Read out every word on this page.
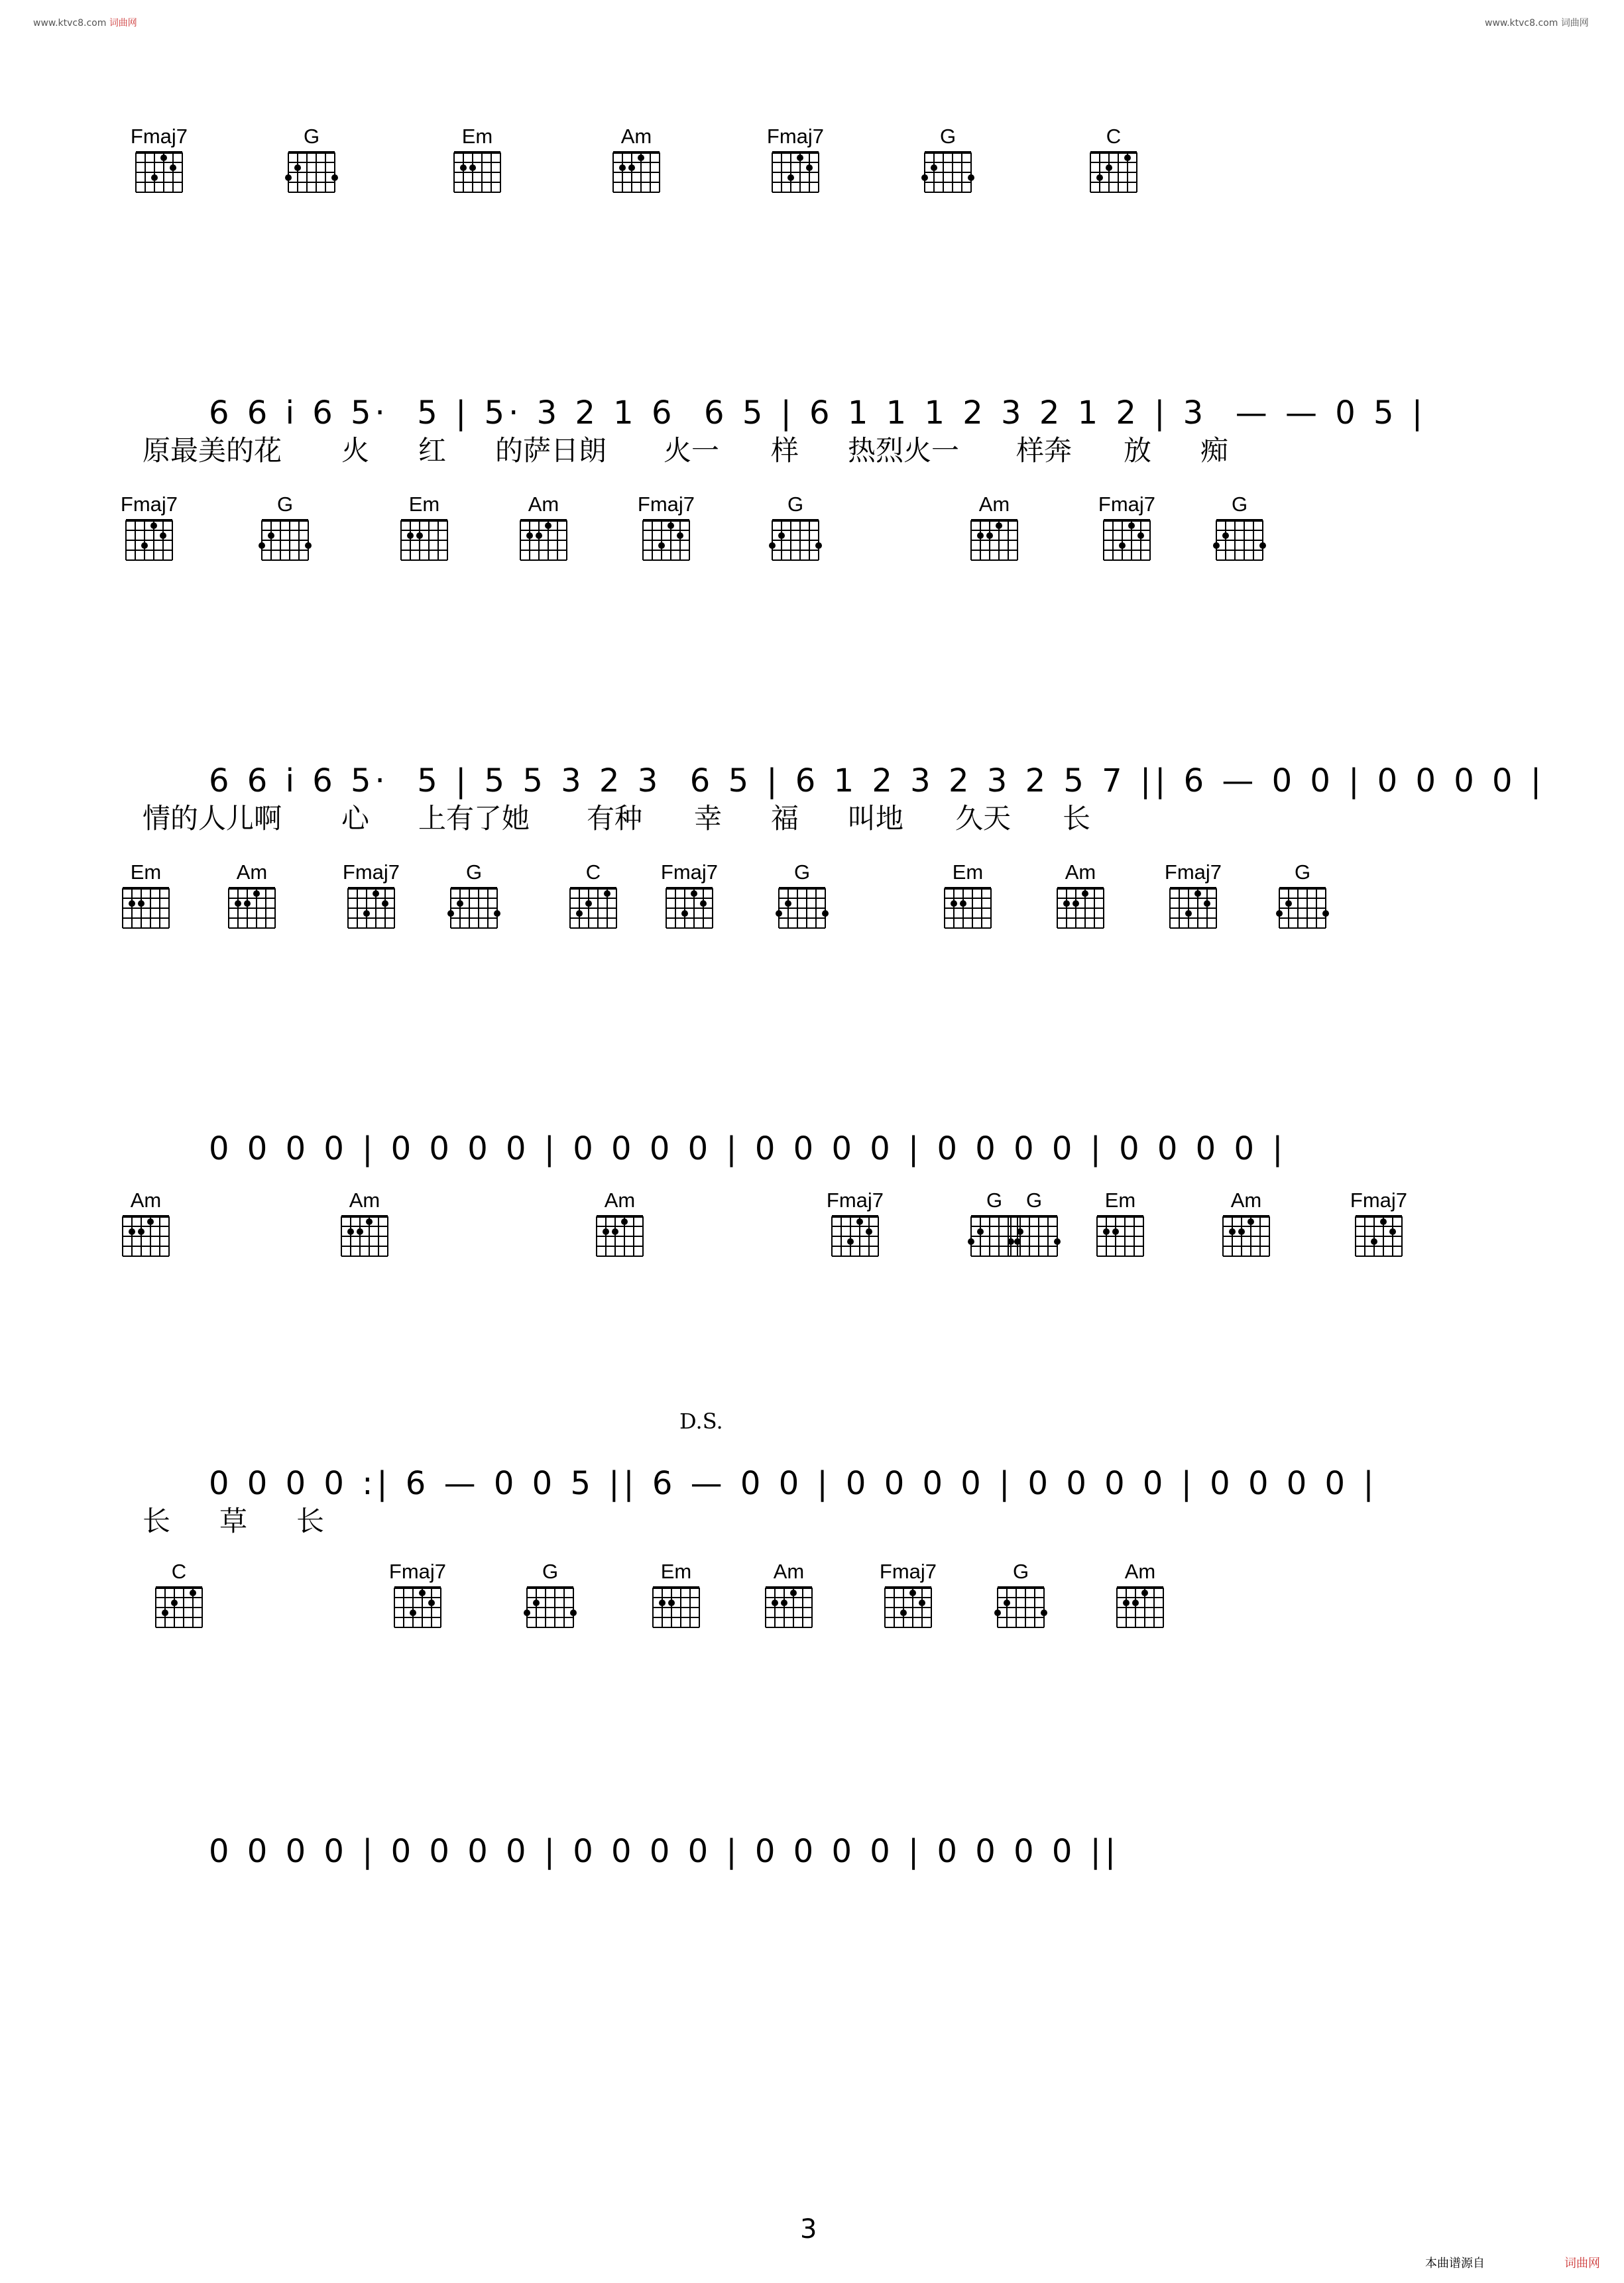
www.ktvc8.com 词曲网	www.ktvc8.com 词曲网
Fmaj7	G	Em	Am	Fmaj7	G	C
6 6 i 6 5·  5 | 5· 3 2 1 6  6 5 | 6 1 1 1 2 3 2 1 2 | 3  — — 0 5 |
原最美的花 火 红 的萨日朗 火一 样 热烈火一 样奔 放 痴
Fmaj7	G	Em	Am	Fmaj7	G	Am	Fmaj7	G
6 6 i 6 5·  5 | 5 5 3 2 3  6 5 | 6 1 2 3 2 3 2 5 7 || 6 — 0 0 | 0 0 0 0 |
情的人儿啊 心 上有了她 有种 幸 福 叫地 久天 长
Em	Am	Fmaj7	G	C	Fmaj7	G	Em	Am	Fmaj7	G
0 0 0 0 | 0 0 0 0 | 0 0 0 0 | 0 0 0 0 | 0 0 0 0 | 0 0 0 0 |
Am	Am	Am	Fmaj7	G	Em	Am	Fmaj7
G
0 0 0 0 :| 6 — 0 0 5 || 6 — 0 0 | 0 0 0 0 | 0 0 0 0 | 0 0 0 0 |
长 草 长
C	Fmaj7	G	Em	Am	Fmaj7	G	Am
0 0 0 0 | 0 0 0 0 | 0 0 0 0 | 0 0 0 0 | 0 0 0 0 ||
D.S.
3
本曲谱源自	词曲网
